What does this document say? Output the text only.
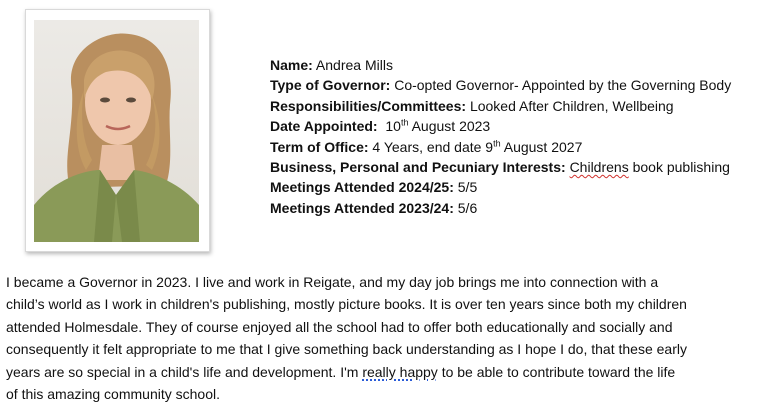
Name: Andrea Mills
Type of Governor: Co-opted Governor- Appointed by the Governing Body
Responsibilities/Committees: Looked After Children, Wellbeing
Date Appointed: 10th August 2023
Term of Office: 4 Years, end date 9th August 2027
Business, Personal and Pecuniary Interests: Childrens book publishing
Meetings Attended 2024/25: 5/5
Meetings Attended 2023/24: 5/6

I became a Governor in 2023. I live and work in Reigate, and my day job brings me into connection with a
child’s world as I work in children's publishing, mostly picture books. It is over ten years since both my children
attended Holmesdale. They of course enjoyed all the school had to offer both educationally and socially and
consequently it felt appropriate to me that I give something back understanding as I hope I do, that these early
years are so special in a child's life and development. I'm really happy to be able to contribute toward the life
of this amazing community school.
